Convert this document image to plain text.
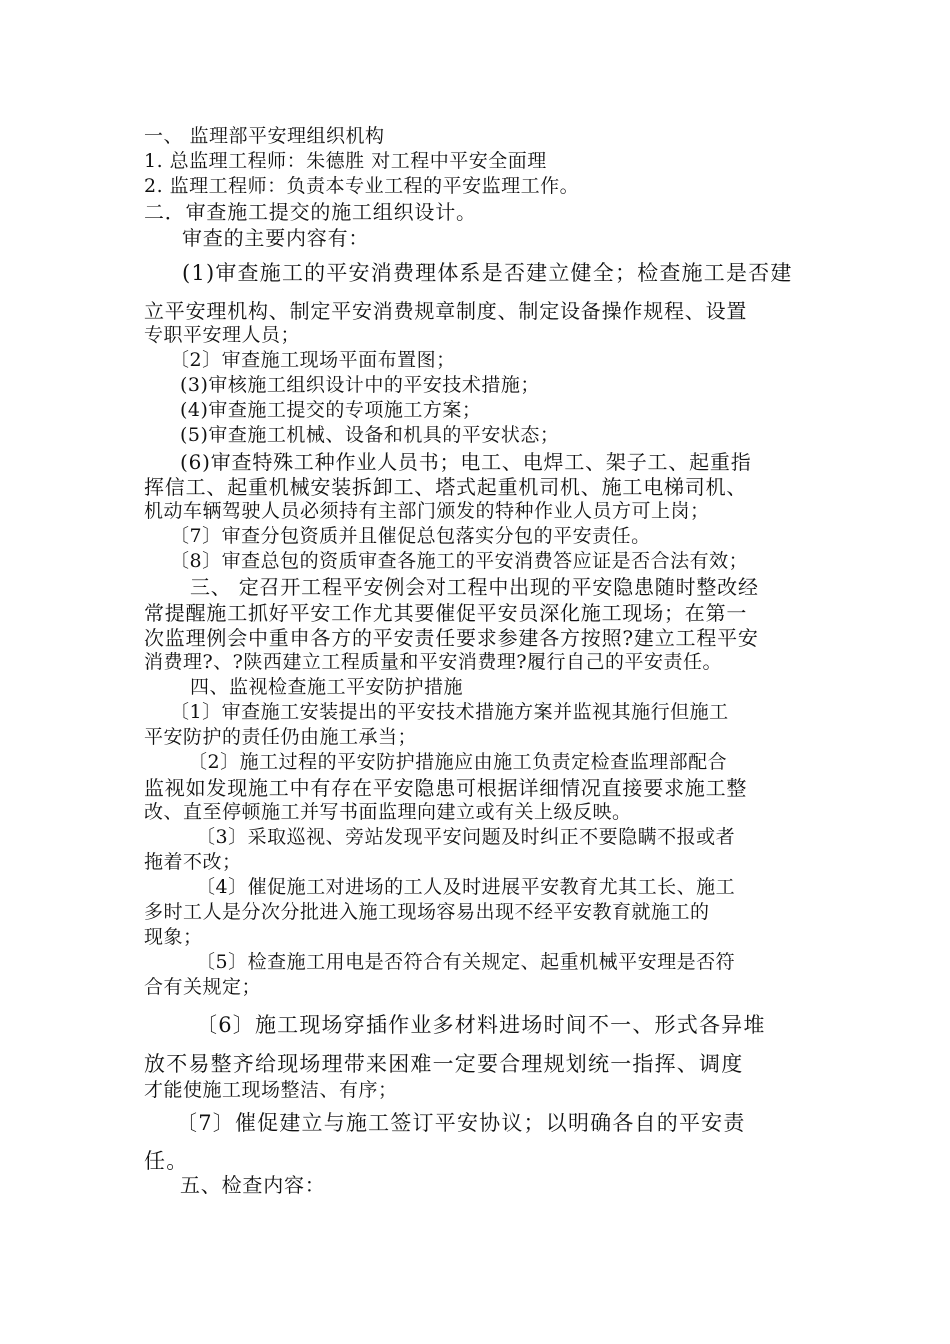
一、 监理部平安理组织机构
1. 总监理工程师：朱德胜 对工程中平安全面理
2. 监理工程师：负责本专业工程的平安监理工作。
二．审查施工提交的施工组织设计。
审查的主要内容有：
(1)审查施工的平安消费理体系是否建立健全；检查施工是否建
立平安理机构、制定平安消费规章制度、制定设备操作规程、设置
专职平安理人员；
〔2〕审查施工现场平面布置图；
(3)审核施工组织设计中的平安技术措施；
(4)审查施工提交的专项施工方案；
(5)审查施工机械、设备和机具的平安状态；
(6)审查特殊工种作业人员书；电工、电焊工、架子工、起重指
挥信工、起重机械安装拆卸工、塔式起重机司机、施工电梯司机、
机动车辆驾驶人员必须持有主部门颁发的特种作业人员方可上岗；
〔7〕审查分包资质并且催促总包落实分包的平安责任。
〔8〕审查总包的资质审查各施工的平安消费答应证是否合法有效；
三、 定召开工程平安例会对工程中出现的平安隐患随时整改经
常提醒施工抓好平安工作尤其要催促平安员深化施工现场；在第一
次监理例会中重申各方的平安责任要求参建各方按照?建立工程平安
消费理?、?陕西建立工程质量和平安消费理?履行自己的平安责任。
四、监视检查施工平安防护措施
〔1〕审查施工安装提出的平安技术措施方案并监视其施行但施工
平安防护的责任仍由施工承当；
〔2〕施工过程的平安防护措施应由施工负责定检查监理部配合
监视如发现施工中有存在平安隐患可根据详细情况直接要求施工整
改、直至停顿施工并写书面监理向建立或有关上级反映。
〔3〕采取巡视、旁站发现平安问题及时纠正不要隐瞒不报或者
拖着不改；
〔4〕催促施工对进场的工人及时进展平安教育尤其工长、施工
多时工人是分次分批进入施工现场容易出现不经平安教育就施工的
现象；
〔5〕检查施工用电是否符合有关规定、起重机械平安理是否符
合有关规定；
〔6〕施工现场穿插作业多材料进场时间不一、形式各异堆
放不易整齐给现场理带来困难一定要合理规划统一指挥、调度
才能使施工现场整洁、有序；
〔7〕催促建立与施工签订平安协议；以明确各自的平安责
任。
五、检查内容：
